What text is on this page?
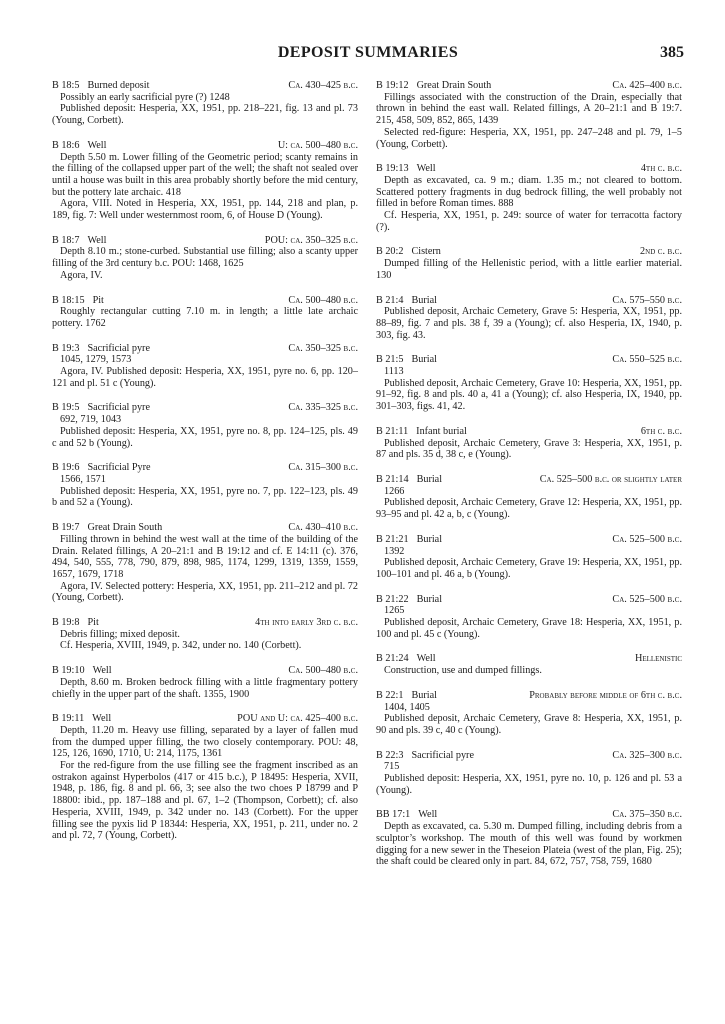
DEPOSIT SUMMARIES	385
B 18:5 Burned deposit	Ca. 430–425 b.c.
Possibly an early sacrificial pyre (?) 1248
Published deposit: Hesperia, XX, 1951, pp. 218–221, fig. 13 and pl. 73 (Young, Corbett).
B 18:6 Well	U: ca. 500–480 b.c.
Depth 5.50 m. Lower filling of the Geometric period; scanty remains in the filling of the collapsed upper part of the well; the shaft not sealed over until a house was built in this area probably shortly before the mid century, but the pottery late archaic. 418
Agora, VIII. Noted in Hesperia, XX, 1951, pp. 144, 218 and plan, p. 189, fig. 7: Well under westernmost room, 6, of House D (Young).
B 18:7 Well	POU: ca. 350–325 b.c.
Depth 8.10 m.; stone-curbed. Substantial use filling; also a scanty upper filling of the 3rd century b.c. POU: 1468, 1625
Agora, IV.
B 18:15 Pit	Ca. 500–480 b.c.
Roughly rectangular cutting 7.10 m. in length; a little late archaic pottery. 1762
B 19:3 Sacrificial pyre	Ca. 350–325 b.c.
1045, 1279, 1573
Agora, IV. Published deposit: Hesperia, XX, 1951, pyre no. 6, pp. 120–121 and pl. 51 c (Young).
B 19:5 Sacrificial pyre	Ca. 335–325 b.c.
692, 719, 1043
Published deposit: Hesperia, XX, 1951, pyre no. 8, pp. 124–125, pls. 49 c and 52 b (Young).
B 19:6 Sacrificial Pyre	Ca. 315–300 b.c.
1566, 1571
Published deposit: Hesperia, XX, 1951, pyre no. 7, pp. 122–123, pls. 49 b and 52 a (Young).
B 19:7 Great Drain South	Ca. 430–410 b.c.
Filling thrown in behind the west wall at the time of the building of the Drain. Related fillings, A 20–21:1 and B 19:12 and cf. E 14:11 (c). 376, 494, 540, 555, 778, 790, 879, 898, 985, 1174, 1299, 1319, 1359, 1559, 1657, 1679, 1718
Agora, IV. Selected pottery: Hesperia, XX, 1951, pp. 211–212 and pl. 72 (Young, Corbett).
B 19:8 Pit	4th into early 3rd c. b.c.
Debris filling; mixed deposit.
Cf. Hesperia, XVIII, 1949, p. 342, under no. 140 (Corbett).
B 19:10 Well	Ca. 500–480 b.c.
Depth, 8.60 m. Broken bedrock filling with a little fragmentary pottery chiefly in the upper part of the shaft. 1355, 1900
B 19:11 Well	POU and U: ca. 425–400 b.c.
Depth, 11.20 m. Heavy use filling, separated by a layer of fallen mud from the dumped upper filling, the two closely contemporary. POU: 48, 125, 126, 1690, 1710, U: 214, 1175, 1361
For the red-figure from the use filling see the fragment inscribed as an ostrakon against Hyperbolos (417 or 415 b.c.), P 18495: Hesperia, XVII, 1948, p. 186, fig. 8 and pl. 66, 3; see also the two choes P 18799 and P 18800: ibid., pp. 187–188 and pl. 67, 1–2 (Thompson, Corbett); cf. also Hesperia, XVIII, 1949, p. 342 under no. 143 (Corbett). For the upper filling see the pyxis lid P 18344: Hesperia, XX, 1951, p. 211, under no. 2 and pl. 72, 7 (Young, Corbett).
B 19:12 Great Drain South	Ca. 425–400 b.c.
Fillings associated with the construction of the Drain, especially that thrown in behind the east wall. Related fillings, A 20–21:1 and B 19:7. 215, 458, 509, 852, 865, 1439
Selected red-figure: Hesperia, XX, 1951, pp. 247–248 and pl. 79, 1–5 (Young, Corbett).
B 19:13 Well	4th c. b.c.
Depth as excavated, ca. 9 m.; diam. 1.35 m.; not cleared to bottom. Scattered pottery fragments in dug bedrock filling, the well probably not filled in before Roman times. 888
Cf. Hesperia, XX, 1951, p. 249: source of water for terracotta factory (?).
B 20:2 Cistern	2nd c. b.c.
Dumped filling of the Hellenistic period, with a little earlier material. 130
B 21:4 Burial	Ca. 575–550 b.c.
Published deposit, Archaic Cemetery, Grave 5: Hesperia, XX, 1951, pp. 88–89, fig. 7 and pls. 38 f, 39 a (Young); cf. also Hesperia, IX, 1940, p. 303, fig. 43.
B 21:5 Burial	Ca. 550–525 b.c.
1113
Published deposit, Archaic Cemetery, Grave 10: Hesperia, XX, 1951, pp. 91–92, fig. 8 and pls. 40 a, 41 a (Young); cf. also Hesperia, IX, 1940, pp. 301–303, figs. 41, 42.
B 21:11 Infant burial	6th c. b.c.
Published deposit, Archaic Cemetery, Grave 3: Hesperia, XX, 1951, p. 87 and pls. 35 d, 38 c, e (Young).
B 21:14 Burial	Ca. 525–500 b.c. or slightly later
1266
Published deposit, Archaic Cemetery, Grave 12: Hesperia, XX, 1951, pp. 93–95 and pl. 42 a, b, c (Young).
B 21:21 Burial	Ca. 525–500 b.c.
1392
Published deposit, Archaic Cemetery, Grave 19: Hesperia, XX, 1951, pp. 100–101 and pl. 46 a, b (Young).
B 21:22 Burial	Ca. 525–500 b.c.
1265
Published deposit, Archaic Cemetery, Grave 18: Hesperia, XX, 1951, p. 100 and pl. 45 c (Young).
B 21:24 Well	Hellenistic
Construction, use and dumped fillings.
B 22:1 Burial	Probably before middle of 6th c. b.c.
1404, 1405
Published deposit, Archaic Cemetery, Grave 8: Hesperia, XX, 1951, p. 90 and pls. 39 c, 40 c (Young).
B 22:3 Sacrificial pyre	Ca. 325–300 b.c.
715
Published deposit: Hesperia, XX, 1951, pyre no. 10, p. 126 and pl. 53 a (Young).
BB 17:1 Well	Ca. 375–350 b.c.
Depth as excavated, ca. 5.30 m. Dumped filling, including debris from a sculptor’s workshop. The mouth of this well was found by workmen digging for a new sewer in the Theseion Plateia (west of the plan, Fig. 25); the shaft could be cleared only in part. 84, 672, 757, 758, 759, 1680
